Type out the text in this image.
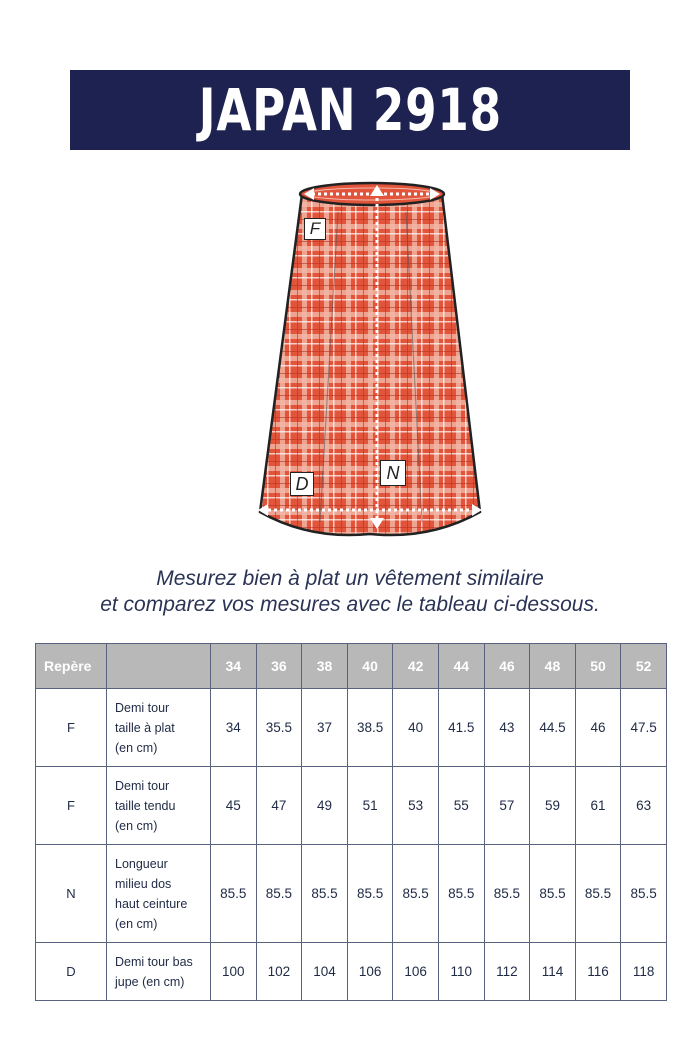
JAPAN 2918
F
N
D
Mesurez bien à plat un vêtement similaire
et comparez vos mesures avec le tableau ci-dessous.
Repère		34	36	38	40	42	44	46	48	50	52
F	Demi tour
taille à plat
(en cm)	34	35.5	37	38.5	40	41.5	43	44.5	46	47.5
F	Demi tour
taille tendu
(en cm)	45	47	49	51	53	55	57	59	61	63
N	Longueur
milieu dos
haut ceinture
(en cm)	85.5	85.5	85.5	85.5	85.5	85.5	85.5	85.5	85.5	85.5
D	Demi tour bas
jupe (en cm)	100	102	104	106	106	110	112	114	116	118
